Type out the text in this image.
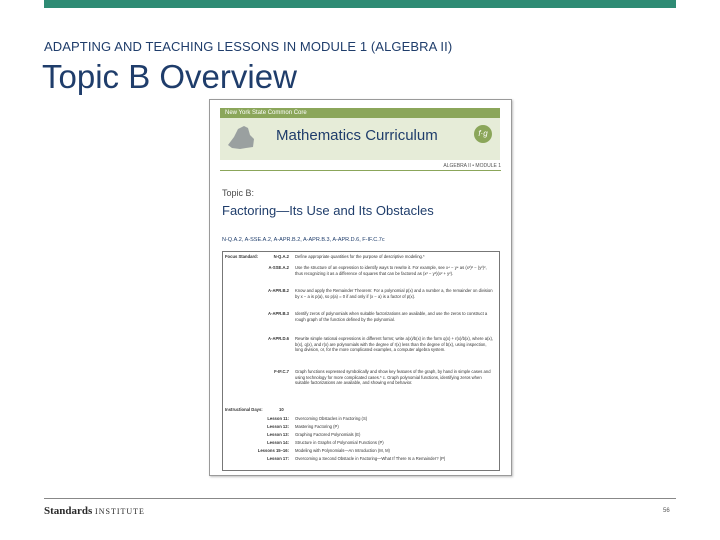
ADAPTING AND TEACHING LESSONS IN MODULE 1 (ALGEBRA II)
Topic B Overview
New York State Common Core
Mathematics Curriculum	f·g
ALGEBRA II • MODULE 1
Topic B:
Factoring—Its Use and Its Obstacles
N-Q.A.2, A-SSE.A.2, A-APR.B.2, A-APR.B.3, A-APR.D.6, F-IF.C.7c
Focus Standard:	N-Q.A.2 Define appropriate quantities for the purpose of descriptive modeling.*
A-SSE.A.2 Use the structure of an expression to identify ways to rewrite it. For example, see x⁴ − y⁴ as (x²)² − (y²)², thus recognizing it as a difference of squares that can be factored as (x² − y²)(x² + y²).
A-APR.B.2 Know and apply the Remainder Theorem: For a polynomial p(x) and a number a, the remainder on division by x − a is p(a), so p(a) = 0 if and only if (x − a) is a factor of p(x).
A-APR.B.3 Identify zeros of polynomials when suitable factorizations are available, and use the zeros to construct a rough graph of the function defined by the polynomial.
A-APR.D.6 Rewrite simple rational expressions in different forms; write a(x)/b(x) in the form q(x) + r(x)/b(x), where a(x), b(x), q(x), and r(x) are polynomials with the degree of r(x) less than the degree of b(x), using inspection, long division, or, for the more complicated examples, a computer algebra system.
F-IF.C.7 Graph functions expressed symbolically and show key features of the graph, by hand in simple cases and using technology for more complicated cases.* c. Graph polynomial functions, identifying zeros when suitable factorizations are available, and showing end behavior.
Instructional Days:	10
Lesson 11: Overcoming Obstacles in Factoring (S)
Lesson 12: Mastering Factoring (P)
Lesson 13: Graphing Factored Polynomials (E)
Lesson 14: Structure in Graphs of Polynomial Functions (P)
Lessons 15–16: Modeling with Polynomials—An Introduction (M, M)
Lesson 17: Overcoming a Second Obstacle in Factoring—What If There Is a Remainder? (P)
Standards INSTITUTE	56
